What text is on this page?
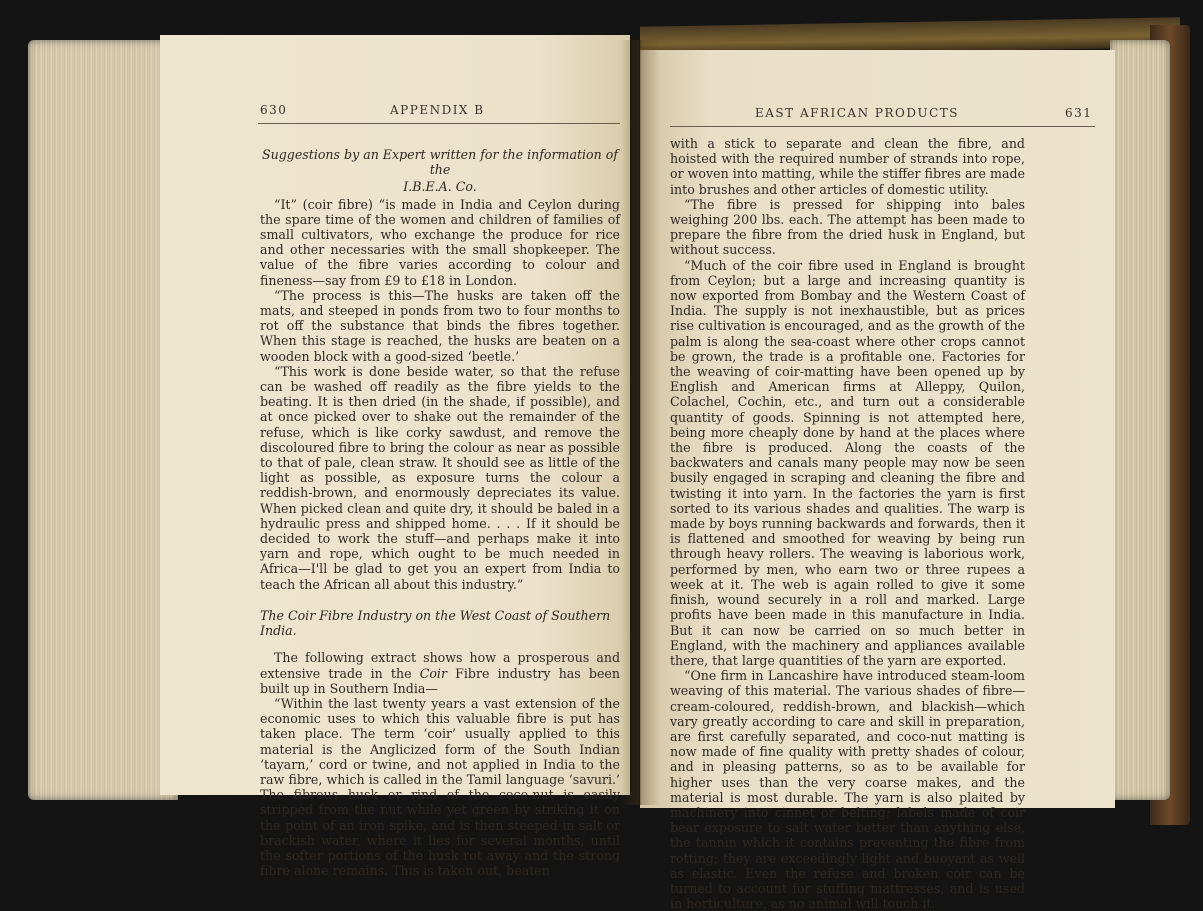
630	APPENDIX B

Suggestions by an Expert written for the information of the

I.B.E.A. Co.

“It” (coir fibre) “is made in India and Ceylon during the spare time of the women and children of families of small cultivators, who exchange the produce for rice and other necessaries with the small shopkeeper. The value of the fibre varies according to colour and fineness—say from £9 to £18 in London.

“The process is this—The husks are taken off the mats, and steeped in ponds from two to four months to rot off the substance that binds the fibres together. When this stage is reached, the husks are beaten on a wooden block with a good-sized ‘beetle.’

“This work is done beside water, so that the refuse can be washed off readily as the fibre yields to the beating. It is then dried (in the shade, if possible), and at once picked over to shake out the remainder of the refuse, which is like corky sawdust, and remove the discoloured fibre to bring the colour as near as possible to that of pale, clean straw. It should see as little of the light as possible, as exposure turns the colour a reddish-brown, and enormously depreciates its value. When picked clean and quite dry, it should be baled in a hydraulic press and shipped home. . . . If it should be decided to work the stuff—and perhaps make it into yarn and rope, which ought to be much needed in Africa—I'll be glad to get you an expert from India to teach the African all about this industry.”

The Coir Fibre Industry on the West Coast of Southern India.

The following extract shows how a prosperous and extensive trade in the Coir Fibre industry has been built up in Southern India—

“Within the last twenty years a vast extension of the economic uses to which this valuable fibre is put has taken place. The term ‘coir’ usually applied to this material is the Anglicized form of the South Indian ‘tayarn,’ cord or twine, and not applied in India to the raw fibre, which is called in the Tamil language ‘savuri.’ The fibrous husk or rind of the coco-nut is easily stripped from the nut while yet green by striking it on the point of an iron spike, and is then steeped in salt or brackish water, where it lies for several months, until the softer portions of the husk rot away and the strong fibre alone remains. This is taken out, beaten

EAST AFRICAN PRODUCTS	631

with a stick to separate and clean the fibre, and hoisted with the required number of strands into rope, or woven into matting, while the stiffer fibres are made into brushes and other articles of domestic utility.

“The fibre is pressed for shipping into bales weighing 200 lbs. each. The attempt has been made to prepare the fibre from the dried husk in England, but without success.

“Much of the coir fibre used in England is brought from Ceylon; but a large and increasing quantity is now exported from Bombay and the Western Coast of India. The supply is not inexhaustible, but as prices rise cultivation is encouraged, and as the growth of the palm is along the sea-coast where other crops cannot be grown, the trade is a profitable one. Factories for the weaving of coir-matting have been opened up by English and American firms at Alleppy, Quilon, Colachel, Cochin, etc., and turn out a considerable quantity of goods. Spinning is not attempted here, being more cheaply done by hand at the places where the fibre is produced. Along the coasts of the backwaters and canals many people may now be seen busily engaged in scraping and cleaning the fibre and twisting it into yarn. In the factories the yarn is first sorted to its various shades and qualities. The warp is made by boys running backwards and forwards, then it is flattened and smoothed for weaving by being run through heavy rollers. The weaving is laborious work, performed by men, who earn two or three rupees a week at it. The web is again rolled to give it some finish, wound securely in a roll and marked. Large profits have been made in this manufacture in India. But it can now be carried on so much better in England, with the machinery and appliances available there, that large quantities of the yarn are exported.

“One firm in Lancashire have introduced steam-loom weaving of this material. The various shades of fibre—cream-coloured, reddish-brown, and blackish—which vary greatly according to care and skill in preparation, are first carefully separated, and coco-nut matting is now made of fine quality with pretty shades of colour, and in pleasing patterns, so as to be available for higher uses than the very coarse makes, and the material is most durable. The yarn is also plaited by machinery into cinnet or belting; labels made of coir bear exposure to salt water better than anything else, the tannin which it contains preventing the fibre from rotting; they are exceedingly light and buoyant as well as elastic. Even the refuse and broken coir can be turned to account for stuffing mattresses, and is used in horticulture, as no animal will touch it.
